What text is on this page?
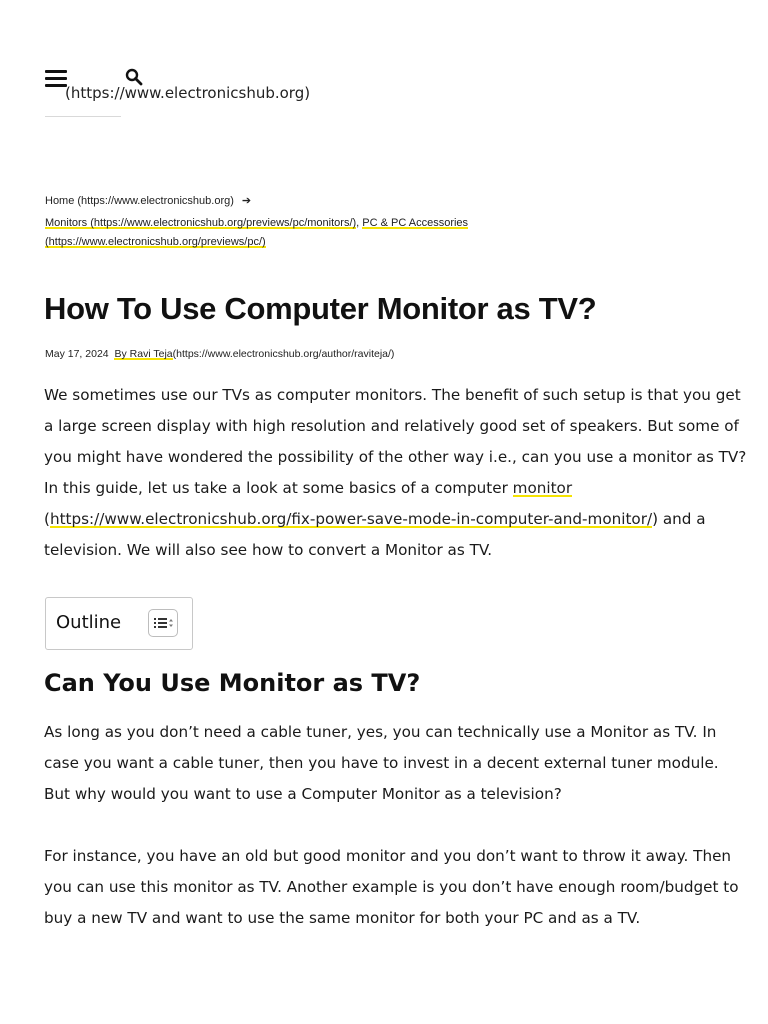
(https://www.electronicshub.org)
Home (https://www.electronicshub.org) ➔
Monitors (https://www.electronicshub.org/previews/pc/monitors/), PC & PC Accessories
(https://www.electronicshub.org/previews/pc/)
How To Use Computer Monitor as TV?
May 17, 2024 By Ravi Teja(https://www.electronicshub.org/author/raviteja/)

We sometimes use our TVs as computer monitors. The benefit of such setup is that you get

a large screen display with high resolution and relatively good set of speakers. But some of

you might have wondered the possibility of the other way i.e., can you use a monitor as TV?

In this guide, let us take a look at some basics of a computer monitor

(https://www.electronicshub.org/fix-power-save-mode-in-computer-and-monitor/) and a

television. We will also see how to convert a Monitor as TV.

Outline
Can You Use Monitor as TV?

As long as you don’t need a cable tuner, yes, you can technically use a Monitor as TV. In

case you want a cable tuner, then you have to invest in a decent external tuner module.

But why would you want to use a Computer Monitor as a television?

For instance, you have an old but good monitor and you don’t want to throw it away. Then

you can use this monitor as TV. Another example is you don’t have enough room/budget to

buy a new TV and want to use the same monitor for both your PC and as a TV.
